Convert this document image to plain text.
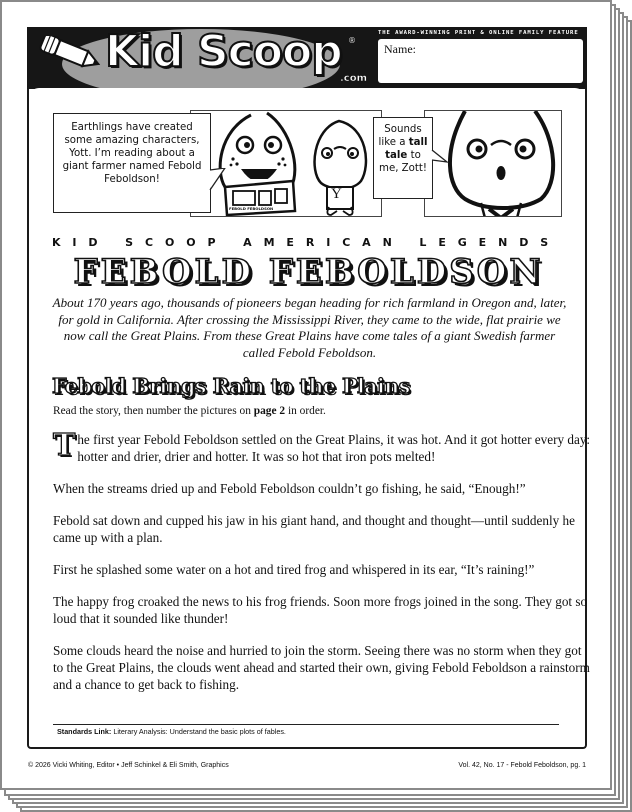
Kid Scoop ®
.com
THE AWARD-WINNING PRINT & ONLINE FAMILY FEATURE
Name:
FEBOLD FEBOLDSON
Y
Earthlings have created some amazing characters, Yott. I’m reading about a giant farmer named Febold Feboldson!
Sounds like a tall tale to me, Zott!
KID SCOOP AMERICAN LEGENDS
FEBOLD FEBOLDSON
About 170 years ago, thousands of pioneers began heading for rich farmland in Oregon and, later, for gold in California. After crossing the Mississippi River, they came to the wide, flat prairie we now call the Great Plains. From these Great Plains have come tales of a giant Swedish farmer called Febold Feboldson.
Febold Brings Rain to the Plains
Read the story, then number the pictures on page 2 in order.

The first year Febold Feboldson settled on the Great Plains, it was hot. And it got hotter every day: hotter and drier, drier and hotter. It was so hot that iron pots melted!

When the streams dried up and Febold Feboldson couldn’t go fishing, he said, “Enough!”

Febold sat down and cupped his jaw in his giant hand, and thought and thought—until suddenly he came up with a plan.

First he splashed some water on a hot and tired frog and whispered in its ear, “It’s raining!”

The happy frog croaked the news to his frog friends. Soon more frogs joined in the song. They got so loud that it sounded like thunder!

Some clouds heard the noise and hurried to join the storm. Seeing there was no storm when they got to the Great Plains, the clouds went ahead and started their own, giving Febold Feboldson a rainstorm and a chance to get back to fishing.

Standards Link: Literary Analysis: Understand the basic plots of fables.
© 2026 Vicki Whiting, Editor • Jeff Schinkel & Eli Smith, Graphics	Vol. 42, No. 17 - Febold Feboldson, pg. 1
